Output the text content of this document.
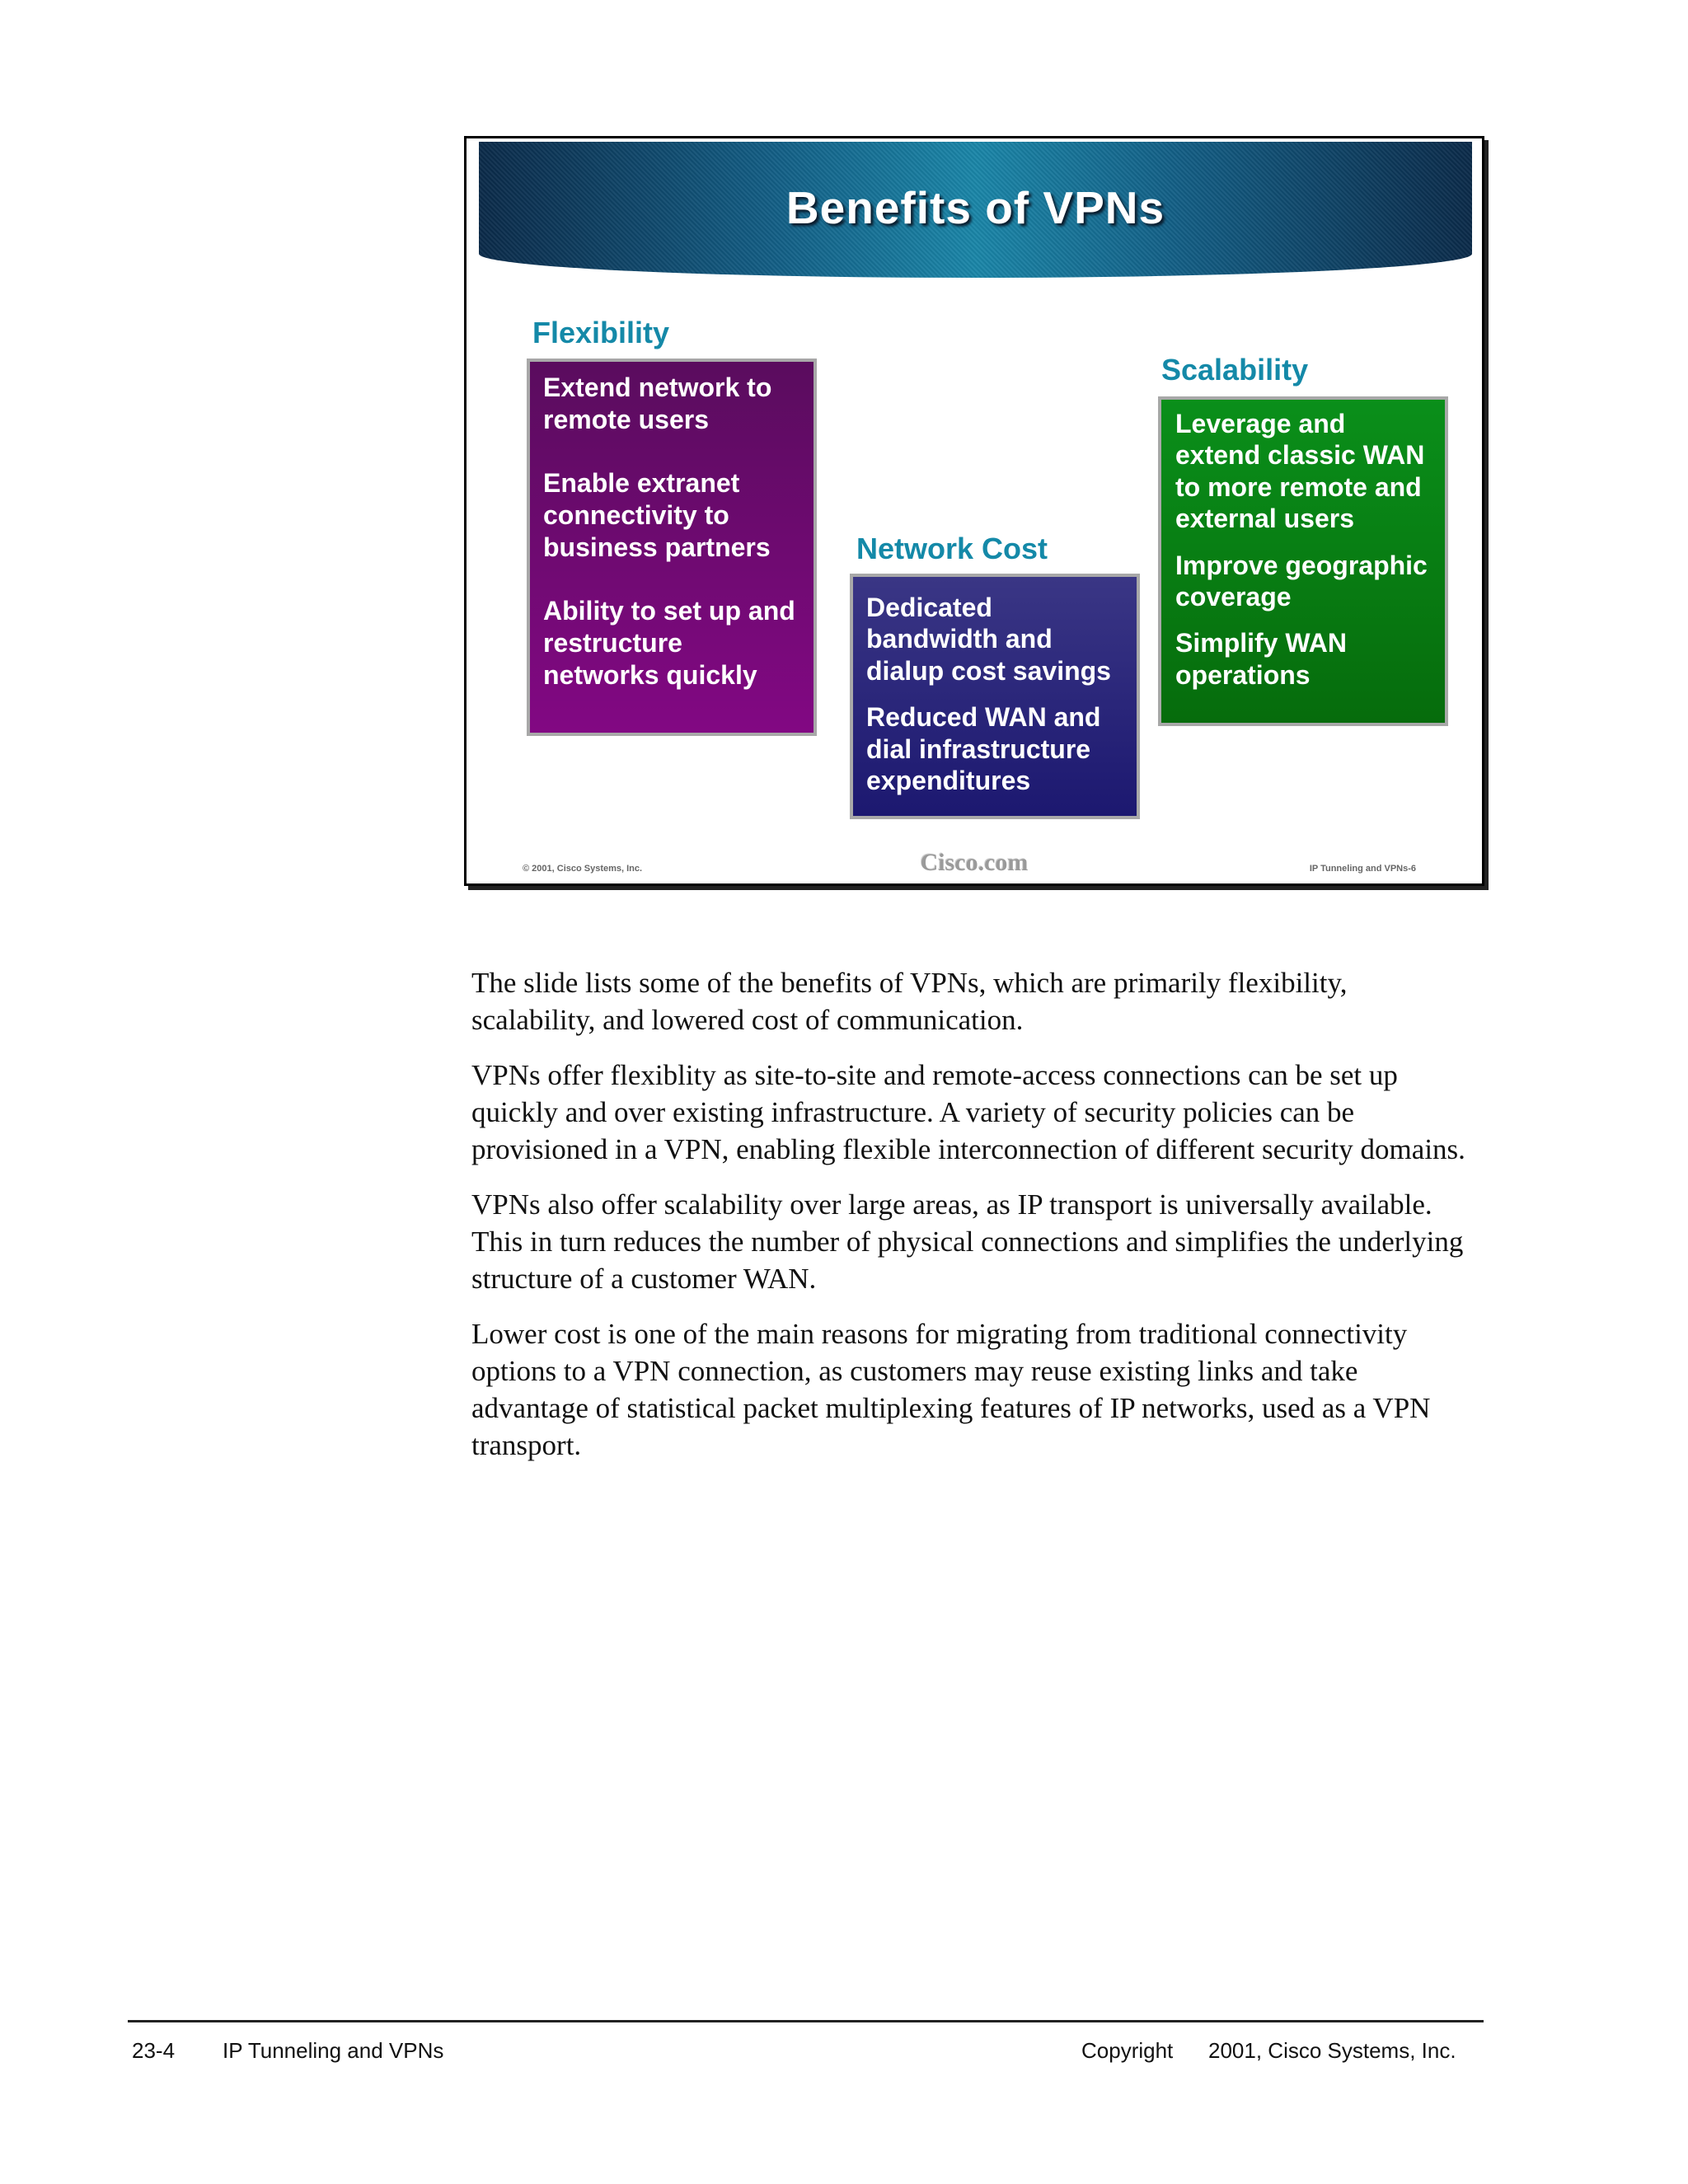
Benefits of VPNs
Flexibility

Extend network to
remote users

Enable extranet
connectivity to
business partners

Ability to set up and
restructure
networks quickly

Network Cost

Dedicated
bandwidth and
dialup cost savings

Reduced WAN and
dial infrastructure
expenditures

Scalability

Leverage and
extend classic WAN
to more remote and
external users

Improve geographic
coverage

Simplify WAN
operations

© 2001, Cisco Systems, Inc.	Cisco.com	IP Tunneling and VPNs-6

The slide lists some of the benefits of VPNs, which are primarily flexibility, scalability, and lowered cost of communication.

VPNs offer flexiblity as site-to-site and remote-access connections can be set up quickly and over existing infrastructure. A variety of security policies can be provisioned in a VPN, enabling flexible interconnection of different security domains.

VPNs also offer scalability over large areas, as IP transport is universally available. This in turn reduces the number of physical connections and simplifies the underlying structure of a customer WAN.

Lower cost is one of the main reasons for migrating from traditional connectivity options to a VPN connection, as customers may reuse existing links and take advantage of statistical packet multiplexing features of IP networks, used as a VPN transport.

23-4 IP Tunneling and VPNs	Copyright 2001, Cisco Systems, Inc.
